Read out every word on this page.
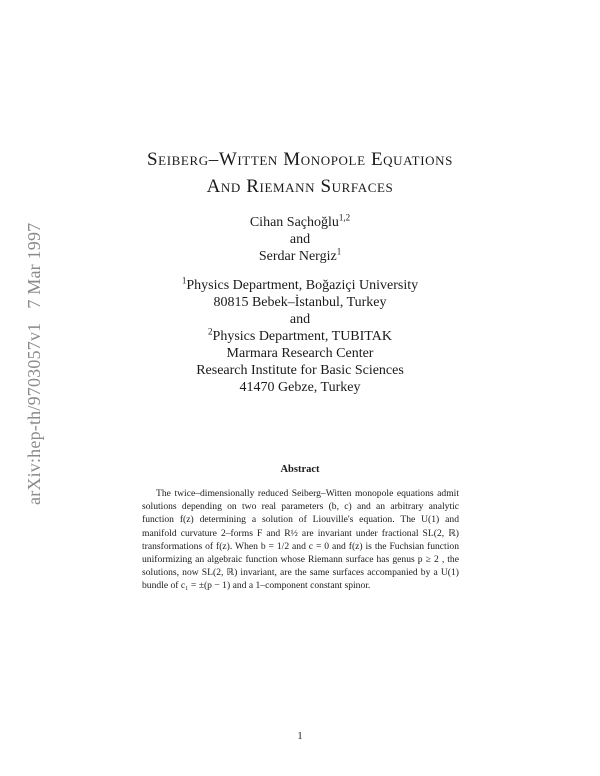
arXiv:hep-th/9703057v17 Mar 1997
Seiberg–Witten Monopole Equations
And Riemann Surfaces
Cihan Saçhoğlu$^{1,2}$
and
Serdar Nergiz$^1$
$^1$Physics Department, Boğaziçi University
80815 Bebek–İstanbul, Turkey
and
$^2$Physics Department, TUBITAK
Marmara Research Center
Research Institute for Basic Sciences
41470 Gebze, Turkey
Abstract
The twice–dimensionally reduced Seiberg–Witten monopole equations admit solutions depending on two real parameters (b, c) and an arbitrary analytic function f(z) determining a solution of Liouville's equation. The U(1) and manifold curvature 2–forms F and R½ are invariant under fractional SL(2, ℝ) transformations of f(z). When b = 1/2 and c = 0 and f(z) is the Fuchsian function uniformizing an algebraic function whose Riemann surface has genus p ≥ 2 , the solutions, now SL(2, ℝ) invariant, are the same surfaces accompanied by a U(1) bundle of c₁ = ±(p − 1) and a 1–component constant spinor.
1
